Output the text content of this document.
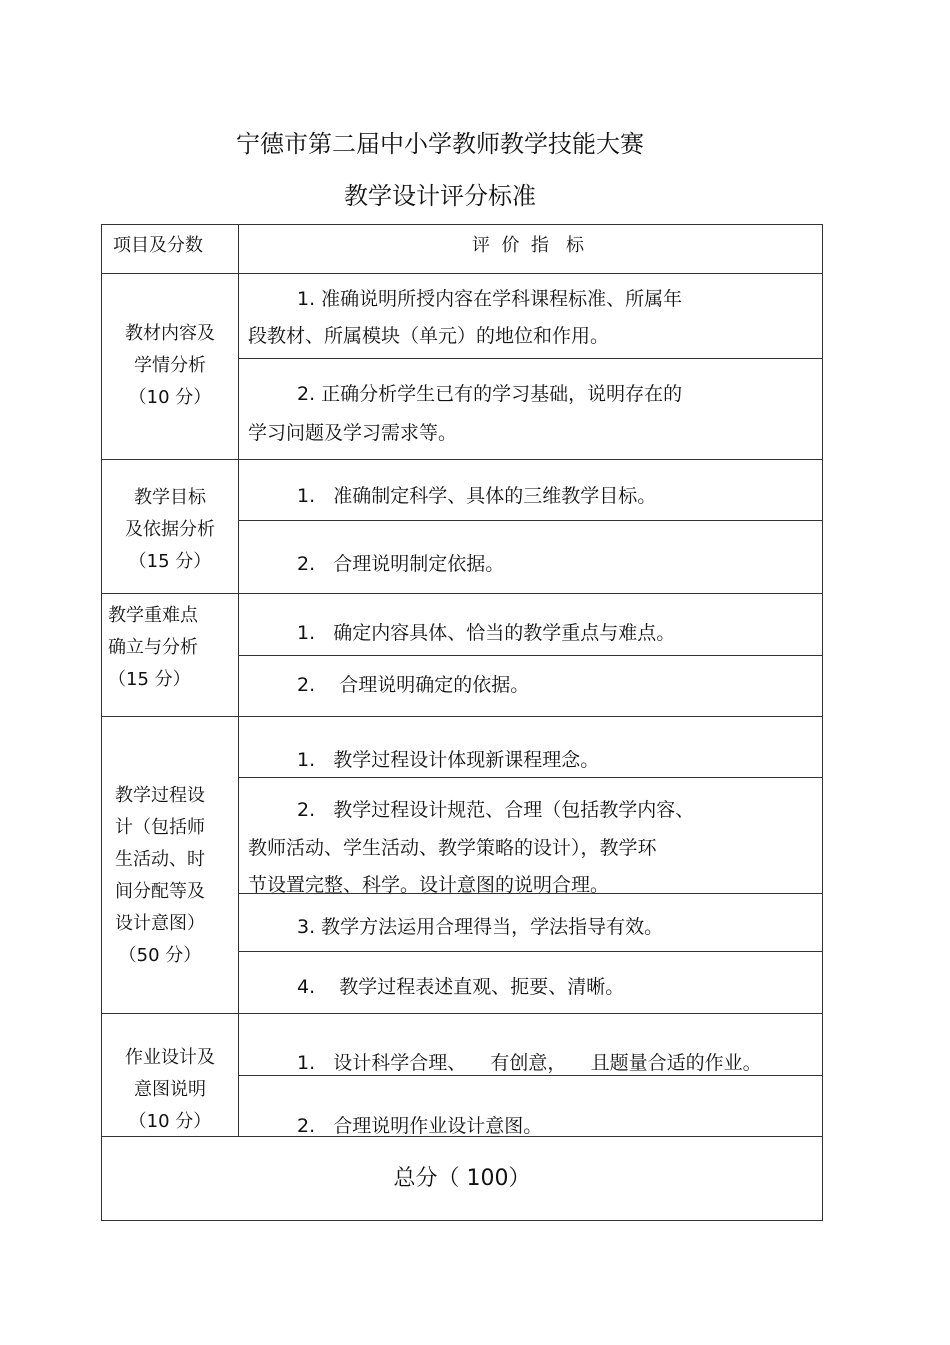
宁德市第二届中小学教师教学技能大赛
教学设计评分标准
项目及分数	评  价  指   标
教材内容及
学情分析
（10 分）
1. 准确说明所授内容在学科课程标准、所属年
段教材、所属模块（单元）的地位和作用。
2. 正确分析学生已有的学习基础，说明存在的
学习问题及学习需求等。
教学目标
及依据分析
（15 分）
1.   准确制定科学、具体的三维教学目标。
2.   合理说明制定依据。
教学重难点
确立与分析
（15 分）
1.   确定内容具体、恰当的教学重点与难点。
2.    合理说明确定的依据。
教学过程设
计（包括师
生活动、时
间分配等及
设计意图）
（50 分）
1.   教学过程设计体现新课程理念。
2.   教学过程设计规范、合理（包括教学内容、
教师活动、学生活动、教学策略的设计），教学环
节设置完整、科学。设计意图的说明合理。
3. 教学方法运用合理得当，学法指导有效。
4.    教学过程表述直观、扼要、清晰。
作业设计及
意图说明
（10 分）
1.   设计科学合理、    有创意，    且题量合适的作业。
2.   合理说明作业设计意图。
总分（ 100）
